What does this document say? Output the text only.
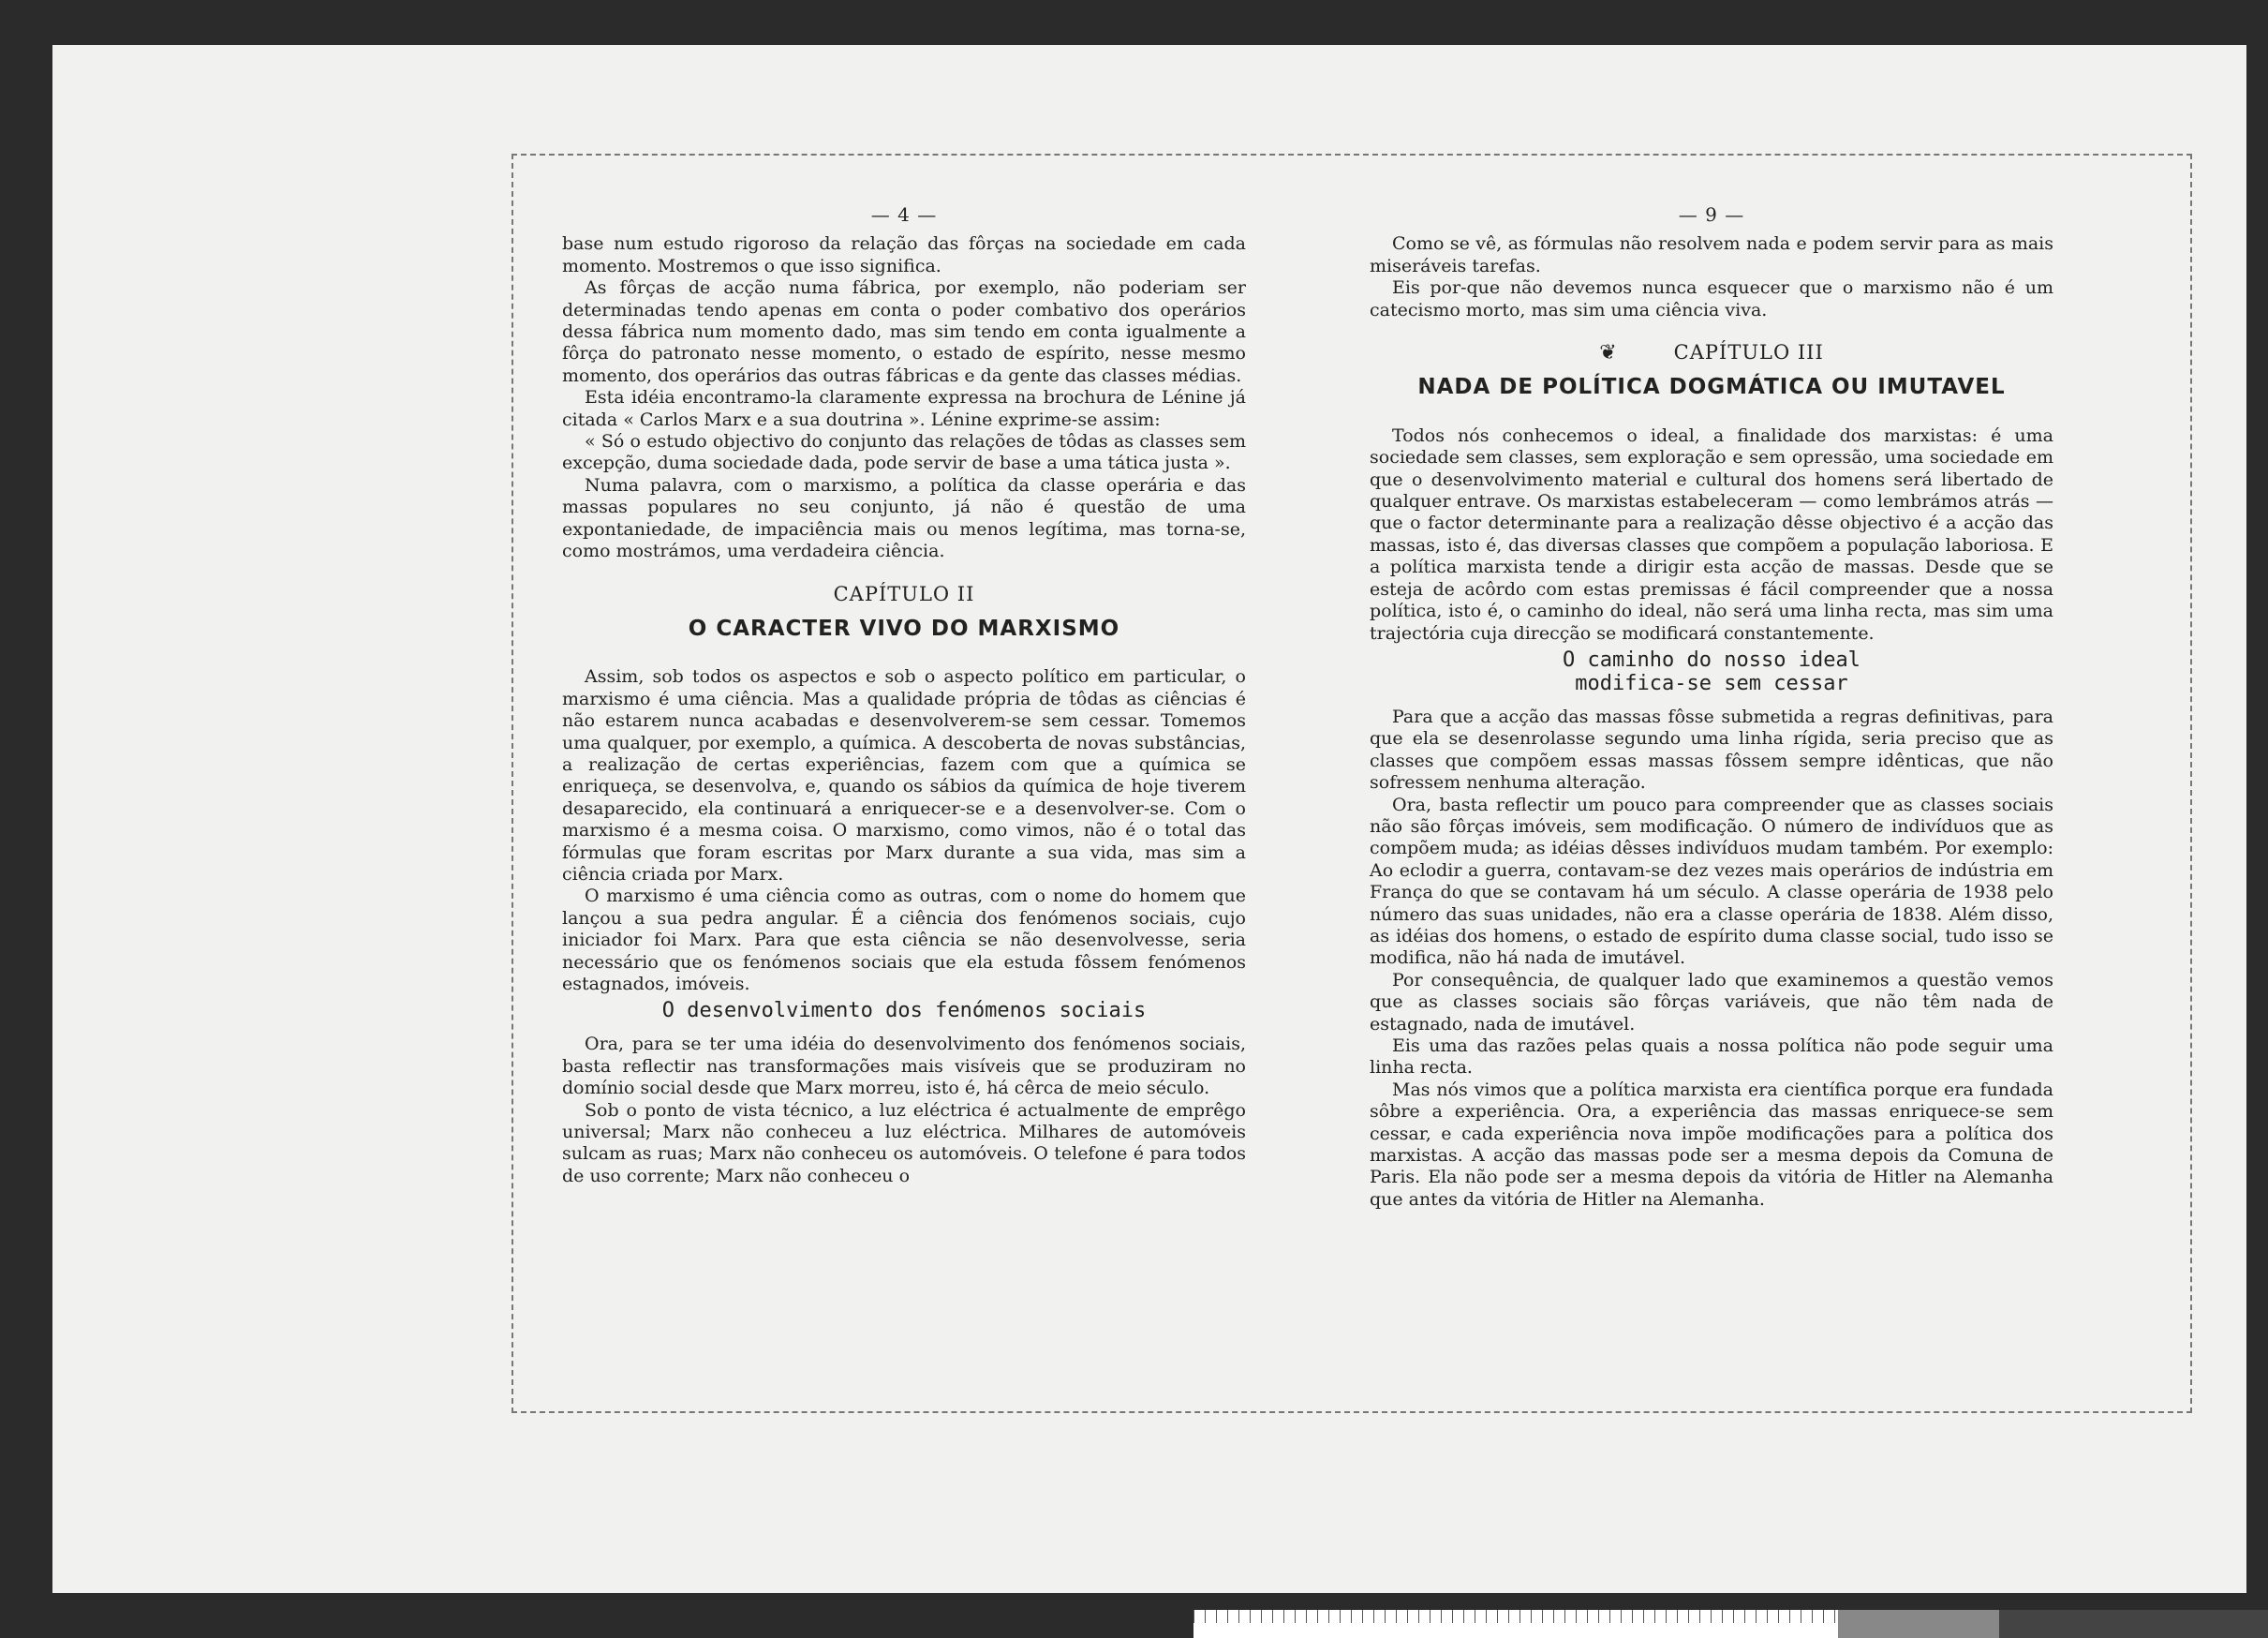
— 4 —

base num estudo rigoroso da relação das fôrças na sociedade em cada momento. Mostremos o que isso significa.

As fôrças de acção numa fábrica, por exemplo, não poderiam ser determinadas tendo apenas em conta o poder combativo dos operários dessa fábrica num momento dado, mas sim tendo em conta igualmente a fôrça do patronato nesse momento, o estado de espírito, nesse mesmo momento, dos operários das outras fábricas e da gente das classes médias.

Esta idéia encontramo-la claramente expressa na brochura de Lénine já citada « Carlos Marx e a sua doutrina ». Lénine exprime-se assim:

« Só o estudo objectivo do conjunto das relações de tôdas as classes sem excepção, duma sociedade dada, pode servir de base a uma tática justa ».

Numa palavra, com o marxismo, a política da classe operária e das massas populares no seu conjunto, já não é questão de uma expontaniedade, de impaciência mais ou menos legítima, mas torna-se, como mostrámos, uma verdadeira ciência.

CAPÍTULO II
O CARACTER VIVO DO MARXISMO

Assim, sob todos os aspectos e sob o aspecto político em particular, o marxismo é uma ciência. Mas a qualidade própria de tôdas as ciências é não estarem nunca acabadas e desenvolverem-se sem cessar. Tomemos uma qualquer, por exemplo, a química. A descoberta de novas substâncias, a realização de certas experiências, fazem com que a química se enriqueça, se desenvolva, e, quando os sábios da química de hoje tiverem desaparecido, ela continuará a enriquecer-se e a desenvolver-se. Com o marxismo é a mesma coisa. O marxismo, como vimos, não é o total das fórmulas que foram escritas por Marx durante a sua vida, mas sim a ciência criada por Marx.

O marxismo é uma ciência como as outras, com o nome do homem que lançou a sua pedra angular. É a ciência dos fenómenos sociais, cujo iniciador foi Marx. Para que esta ciência se não desenvolvesse, seria necessário que os fenómenos sociais que ela estuda fôssem fenómenos estagnados, imóveis.

O desenvolvimento dos fenómenos sociais

Ora, para se ter uma idéia do desenvolvimento dos fenómenos sociais, basta reflectir nas transformações mais visíveis que se produziram no domínio social desde que Marx morreu, isto é, há cêrca de meio século.

Sob o ponto de vista técnico, a luz eléctrica é actualmente de emprêgo universal; Marx não conheceu a luz eléctrica. Milhares de automóveis sulcam as ruas; Marx não conheceu os automóveis. O telefone é para todos de uso corrente; Marx não conheceu o

— 9 —

Como se vê, as fórmulas não resolvem nada e podem servir para as mais miseráveis tarefas.

Eis por-que não devemos nunca esquecer que o marxismo não é um catecismo morto, mas sim uma ciência viva.

❦	CAPÍTULO III
NADA DE POLÍTICA DOGMÁTICA OU IMUTAVEL

Todos nós conhecemos o ideal, a finalidade dos marxistas: é uma sociedade sem classes, sem exploração e sem opressão, uma sociedade em que o desenvolvimento material e cultural dos homens será libertado de qualquer entrave. Os marxistas estabeleceram — como lembrámos atrás — que o factor determinante para a realização dêsse objectivo é a acção das massas, isto é, das diversas classes que compõem a população laboriosa. E a política marxista tende a dirigir esta acção de massas. Desde que se esteja de acôrdo com estas premissas é fácil compreender que a nossa política, isto é, o caminho do ideal, não será uma linha recta, mas sim uma trajectória cuja direcção se modificará constantemente.

O caminho do nosso ideal
modifica-se sem cessar

Para que a acção das massas fôsse submetida a regras definitivas, para que ela se desenrolasse segundo uma linha rígida, seria preciso que as classes que compõem essas massas fôssem sempre idênticas, que não sofressem nenhuma alteração.

Ora, basta reflectir um pouco para compreender que as classes sociais não são fôrças imóveis, sem modificação. O número de indivíduos que as compõem muda; as idéias dêsses indivíduos mudam também. Por exemplo: Ao eclodir a guerra, contavam-se dez vezes mais operários de indústria em França do que se contavam há um século. A classe operária de 1938 pelo número das suas unidades, não era a classe operária de 1838. Além disso, as idéias dos homens, o estado de espírito duma classe social, tudo isso se modifica, não há nada de imutável.

Por consequência, de qualquer lado que examinemos a questão vemos que as classes sociais são fôrças variáveis, que não têm nada de estagnado, nada de imutável.

Eis uma das razões pelas quais a nossa política não pode seguir uma linha recta.

Mas nós vimos que a política marxista era científica porque era fundada sôbre a experiência. Ora, a experiência das massas enriquece-se sem cessar, e cada experiência nova impõe modificações para a política dos marxistas. A acção das massas pode ser a mesma depois da Comuna de Paris. Ela não pode ser a mesma depois da vitória de Hitler na Alemanha que antes da vitória de Hitler na Alemanha.
